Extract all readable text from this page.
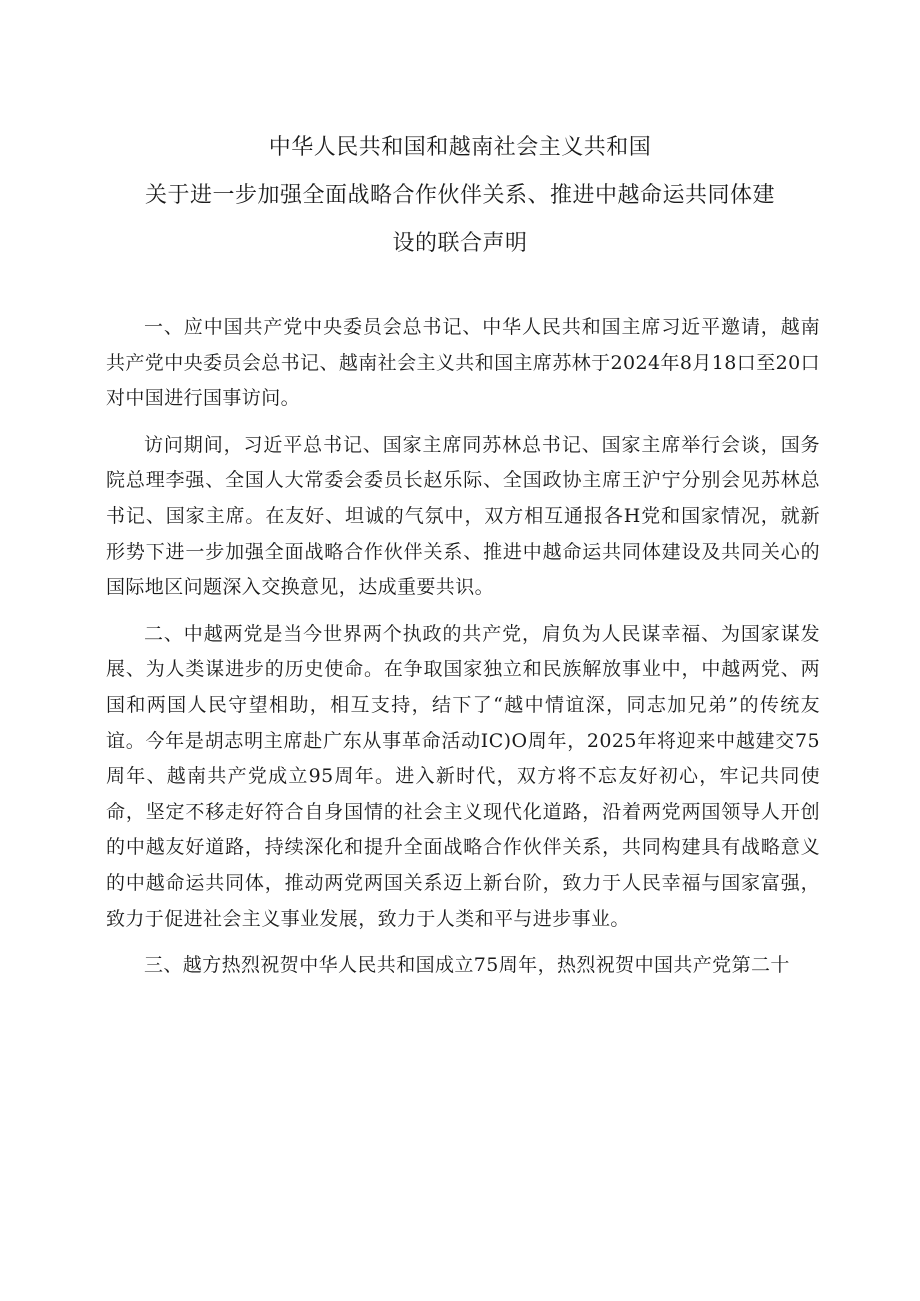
中华人民共和国和越南社会主义共和国
关于进一步加强全面战略合作伙伴关系、推进中越命运共同体建
设的联合声明

一、应中国共产党中央委员会总书记、中华人民共和国主席习近平邀请，越南共产党中央委员会总书记、越南社会主义共和国主席苏林于2024年8月18口至20口对中国进行国事访问。

访问期间，习近平总书记、国家主席同苏林总书记、国家主席举行会谈，国务院总理李强、全国人大常委会委员长赵乐际、全国政协主席王沪宁分别会见苏林总书记、国家主席。在友好、坦诚的气氛中，双方相互通报各H党和国家情况，就新形势下进一步加强全面战略合作伙伴关系、推进中越命运共同体建设及共同关心的国际地区问题深入交换意见，达成重要共识。

二、中越两党是当今世界两个执政的共产党，肩负为人民谋幸福、为国家谋发展、为人类谋进步的历史使命。在争取国家独立和民族解放事业中，中越两党、两国和两国人民守望相助，相互支持，结下了“越中情谊深，同志加兄弟”的传统友谊。今年是胡志明主席赴广东从事革命活动IC)O周年，2025年将迎来中越建交75周年、越南共产党成立95周年。进入新时代，双方将不忘友好初心，牢记共同使命，坚定不移走好符合自身国情的社会主义现代化道路，沿着两党两国领导人开创的中越友好道路，持续深化和提升全面战略合作伙伴关系，共同构建具有战略意义的中越命运共同体，推动两党两国关系迈上新台阶，致力于人民幸福与国家富强，致力于促进社会主义事业发展，致力于人类和平与进步事业。

三、越方热烈祝贺中华人民共和国成立75周年，热烈祝贺中国共产党第二十
